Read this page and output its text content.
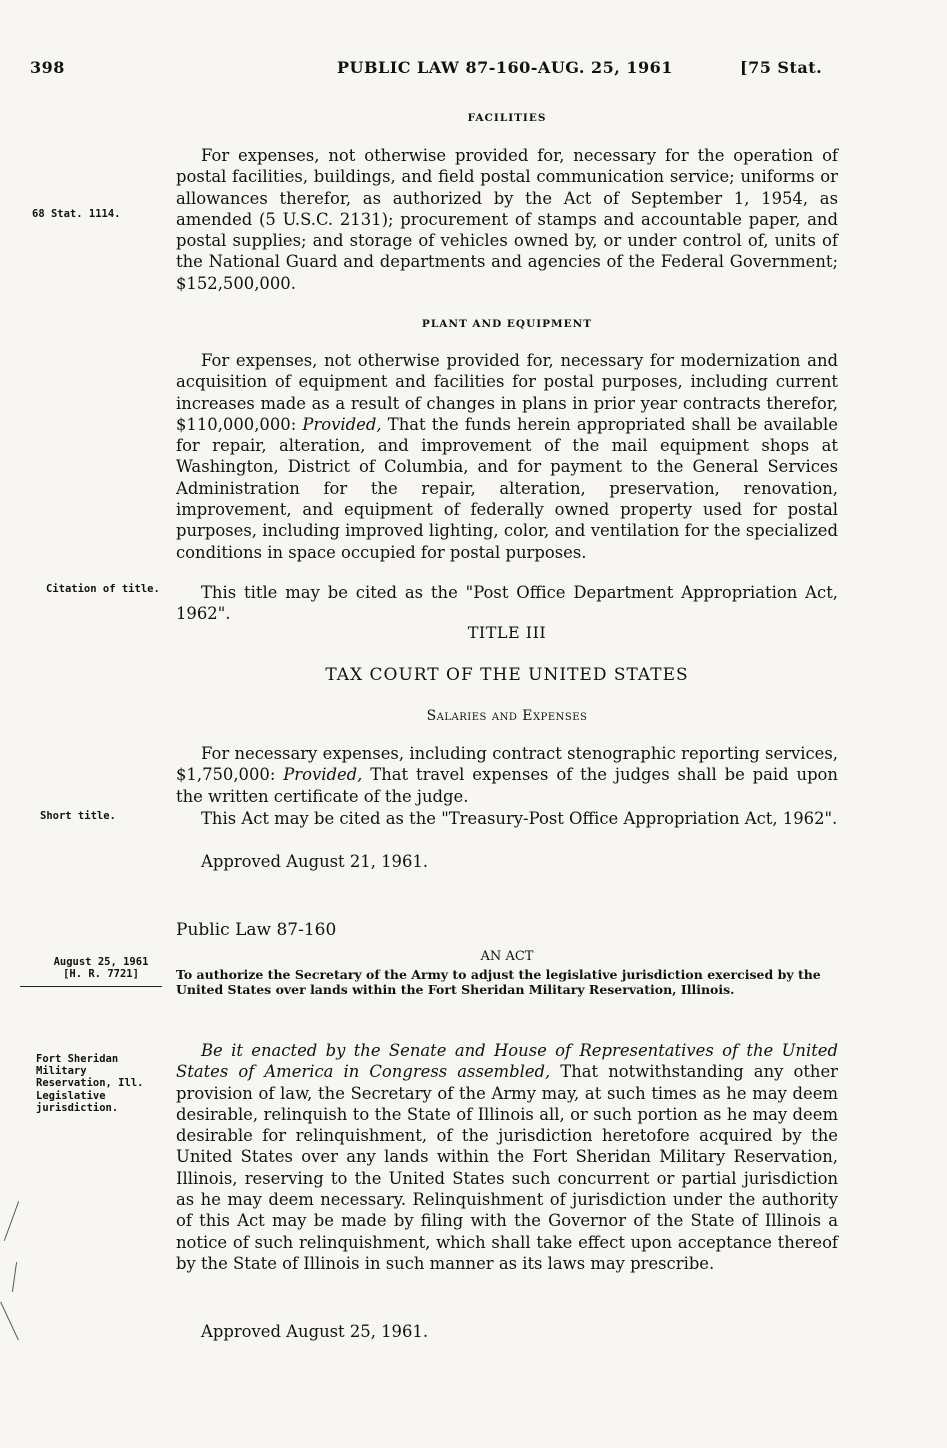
398	PUBLIC LAW 87-160-AUG. 25, 1961	[75 Stat.
FACILITIES

For expenses, not otherwise provided for, necessary for the operation of postal facilities, buildings, and field postal communication service; uniforms or allowances therefor, as authorized by the Act of September 1, 1954, as amended (5 U.S.C. 2131); procurement of stamps and accountable paper, and postal supplies; and storage of vehicles owned by, or under control of, units of the National Guard and departments and agencies of the Federal Government; $152,500,000.

PLANT AND EQUIPMENT

For expenses, not otherwise provided for, necessary for modernization and acquisition of equipment and facilities for postal purposes, including current increases made as a result of changes in plans in prior year contracts therefor, $110,000,000: Provided, That the funds herein appropriated shall be available for repair, alteration, and improvement of the mail equipment shops at Washington, District of Columbia, and for payment to the General Services Administration for the repair, alteration, preservation, renovation, improvement, and equipment of federally owned property used for postal purposes, including improved lighting, color, and ventilation for the specialized conditions in space occupied for postal purposes.

This title may be cited as the "Post Office Department Appropriation Act, 1962".

TITLE III
TAX COURT OF THE UNITED STATES
Salaries and Expenses

For necessary expenses, including contract stenographic reporting services, $1,750,000: Provided, That travel expenses of the judges shall be paid upon the written certificate of the judge.

This Act may be cited as the "Treasury-Post Office Appropriation Act, 1962".

Approved August 21, 1961.
Public Law 87-160
AN ACT

To authorize the Secretary of the Army to adjust the legislative jurisdiction exercised by the United States over lands within the Fort Sheridan Military Reservation, Illinois.

Be it enacted by the Senate and House of Representatives of the United States of America in Congress assembled, That notwithstanding any other provision of law, the Secretary of the Army may, at such times as he may deem desirable, relinquish to the State of Illinois all, or such portion as he may deem desirable for relinquishment, of the jurisdiction heretofore acquired by the United States over any lands within the Fort Sheridan Military Reservation, Illinois, reserving to the United States such concurrent or partial jurisdiction as he may deem necessary. Relinquishment of jurisdiction under the authority of this Act may be made by filing with the Governor of the State of Illinois a notice of such relinquishment, which shall take effect upon acceptance thereof by the State of Illinois in such manner as its laws may prescribe.

Approved August 25, 1961.
68 Stat. 1114.
Citation of title.
Short title.
August 25, 1961
[H. R. 7721]
Fort Sheridan Military Reservation, Ill.
Legislative jurisdiction.
